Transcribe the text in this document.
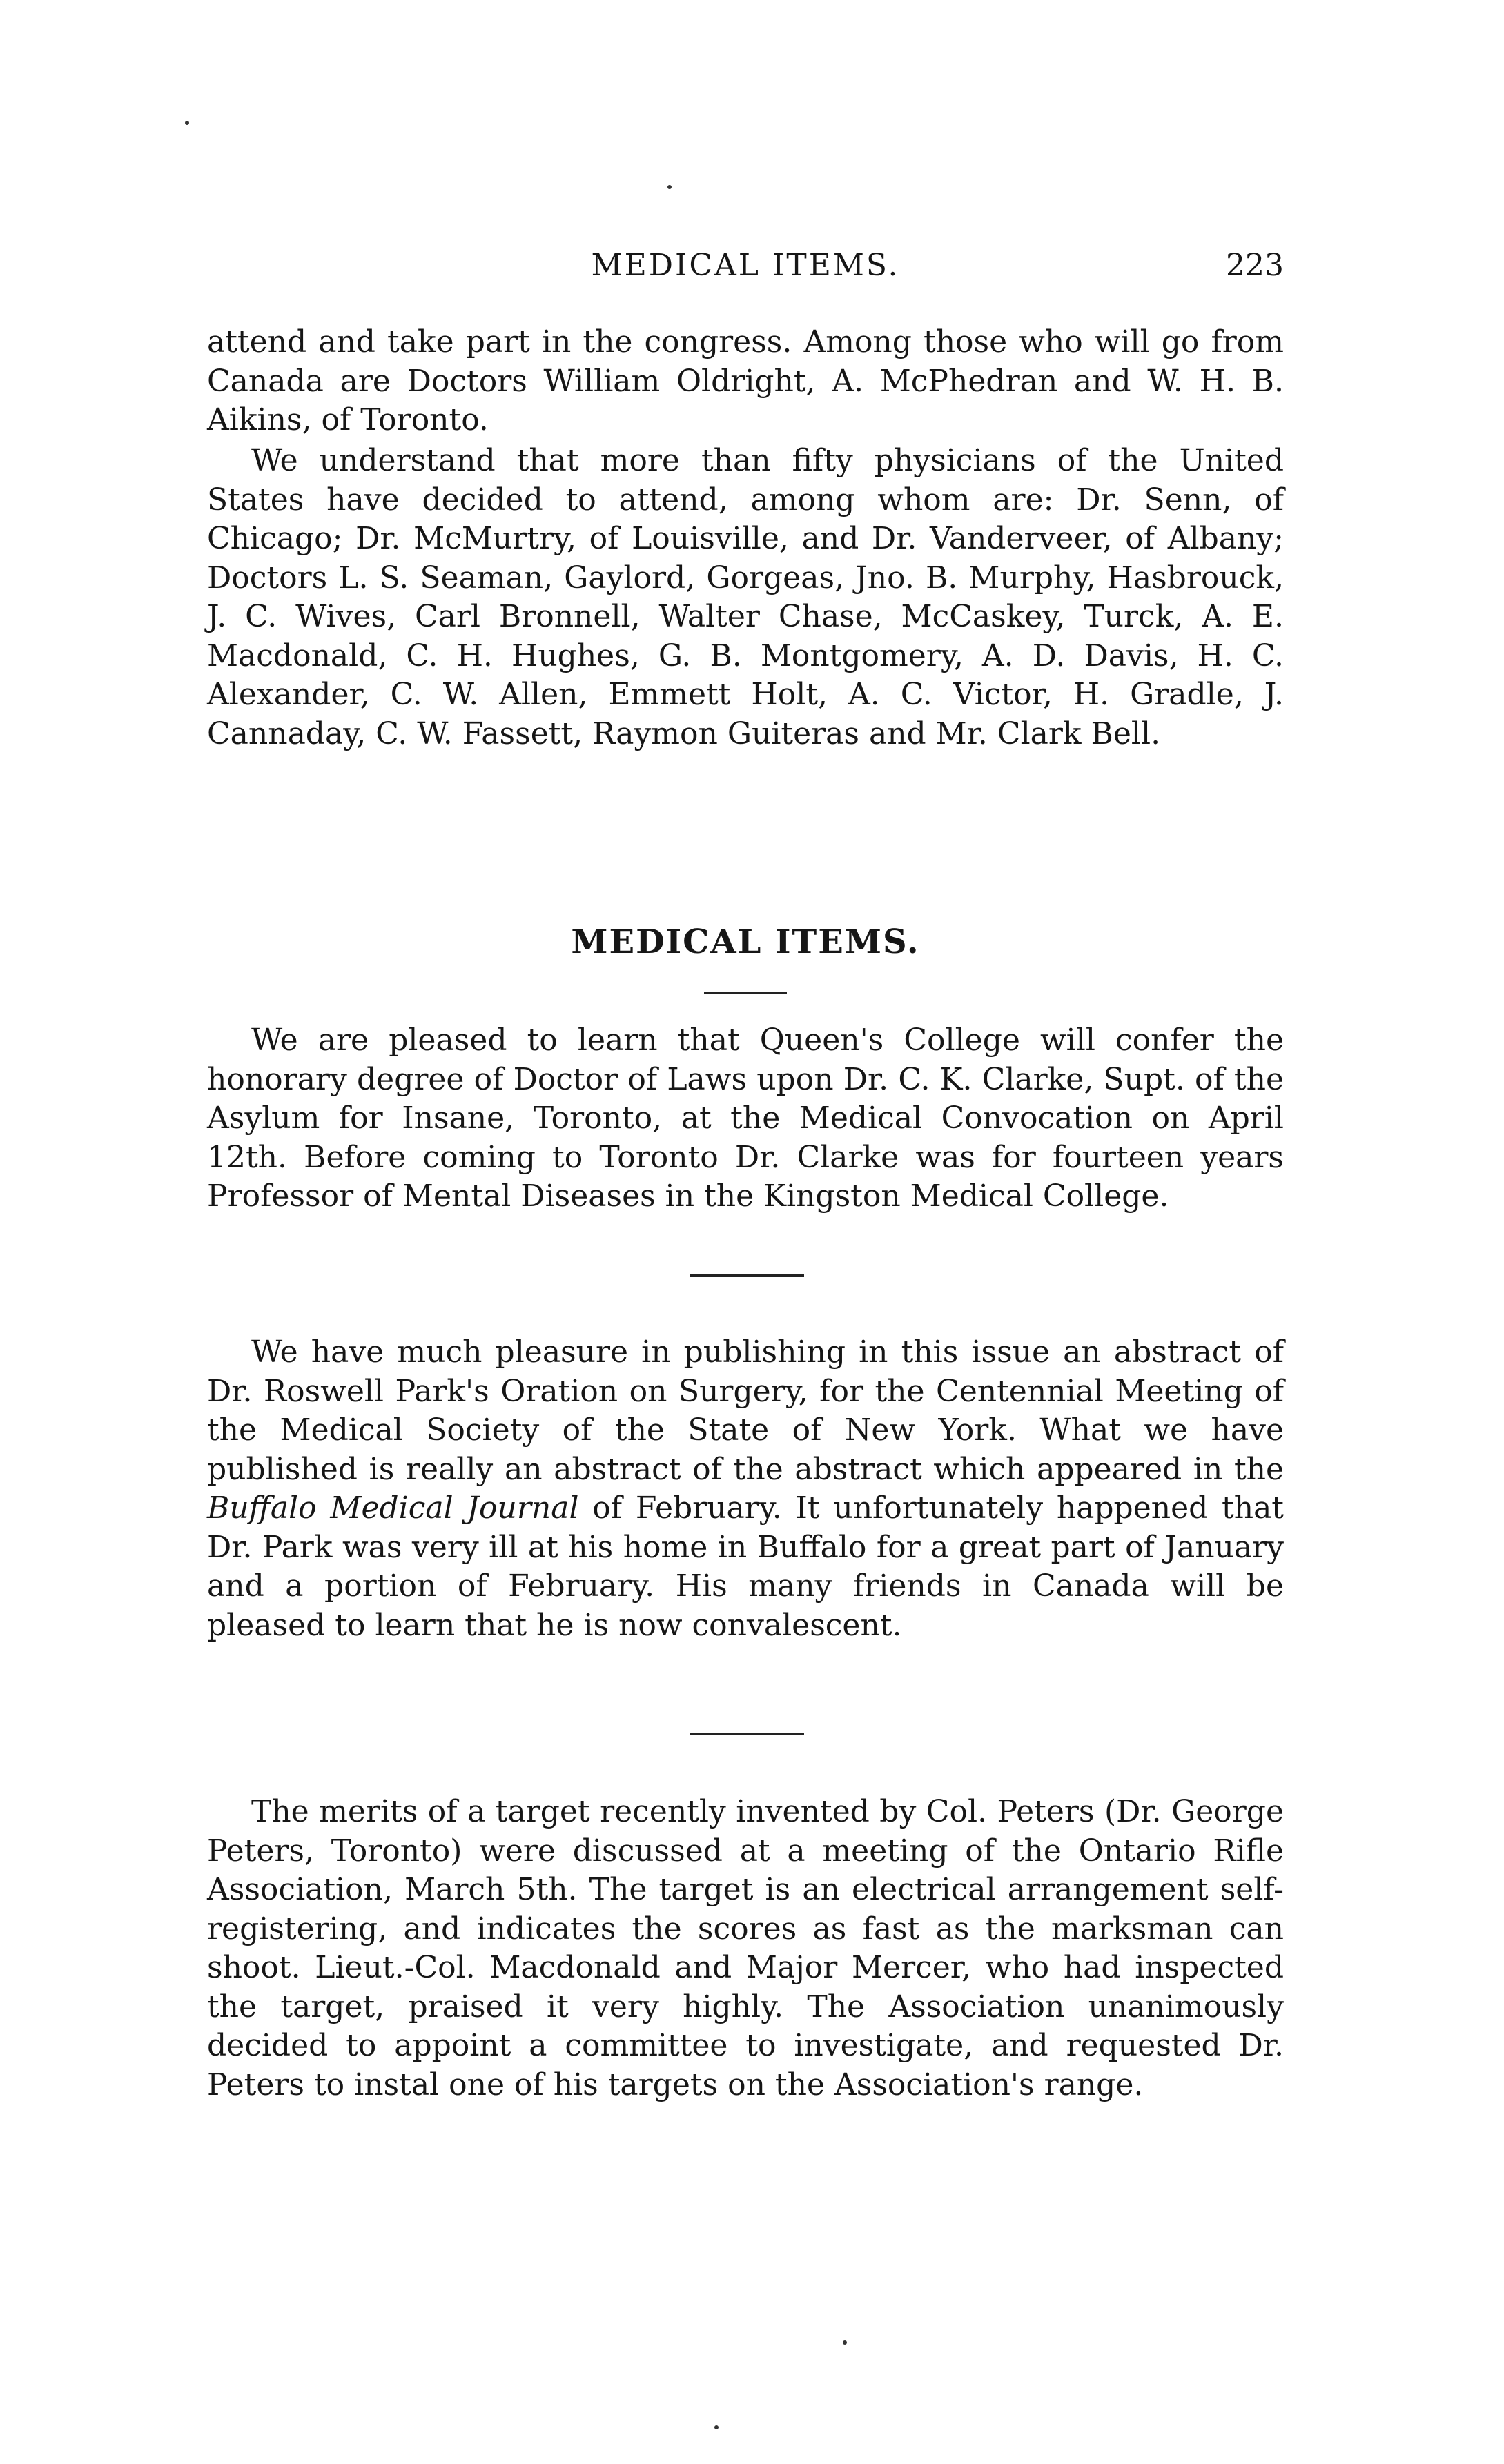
MEDICAL ITEMS.	223

attend and take part in the congress. Among those who will go from Canada are Doctors William Oldright, A. McPhedran and W. H. B. Aikins, of Toronto.

We understand that more than fifty physicians of the United States have decided to attend, among whom are: Dr. Senn, of Chicago; Dr. McMurtry, of Louisville, and Dr. Vanderveer, of Albany; Doctors L. S. Seaman, Gaylord, Gorgeas, Jno. B. Murphy, Hasbrouck, J. C. Wives, Carl Bronnell, Walter Chase, McCaskey, Turck, A. E. Macdonald, C. H. Hughes, G. B. Montgomery, A. D. Davis, H. C. Alexander, C. W. Allen, Emmett Holt, A. C. Victor, H. Gradle, J. Cannaday, C. W. Fassett, Raymon Guiteras and Mr. Clark Bell.

MEDICAL ITEMS.

We are pleased to learn that Queen's College will confer the honorary degree of Doctor of Laws upon Dr. C. K. Clarke, Supt. of the Asylum for Insane, Toronto, at the Medical Convocation on April 12th. Before coming to Toronto Dr. Clarke was for fourteen years Professor of Mental Diseases in the Kingston Medical College.

We have much pleasure in publishing in this issue an abstract of Dr. Roswell Park's Oration on Surgery, for the Centennial Meeting of the Medical Society of the State of New York. What we have published is really an abstract of the abstract which appeared in the Buffalo Medical Journal of February. It unfortunately happened that Dr. Park was very ill at his home in Buffalo for a great part of January and a portion of February. His many friends in Canada will be pleased to learn that he is now convalescent.

The merits of a target recently invented by Col. Peters (Dr. George Peters, Toronto) were discussed at a meeting of the Ontario Rifle Association, March 5th. The target is an electrical arrangement self-registering, and indicates the scores as fast as the marksman can shoot. Lieut.-Col. Macdonald and Major Mercer, who had inspected the target, praised it very highly. The Association unanimously decided to appoint a committee to investigate, and requested Dr. Peters to instal one of his targets on the Association's range.
